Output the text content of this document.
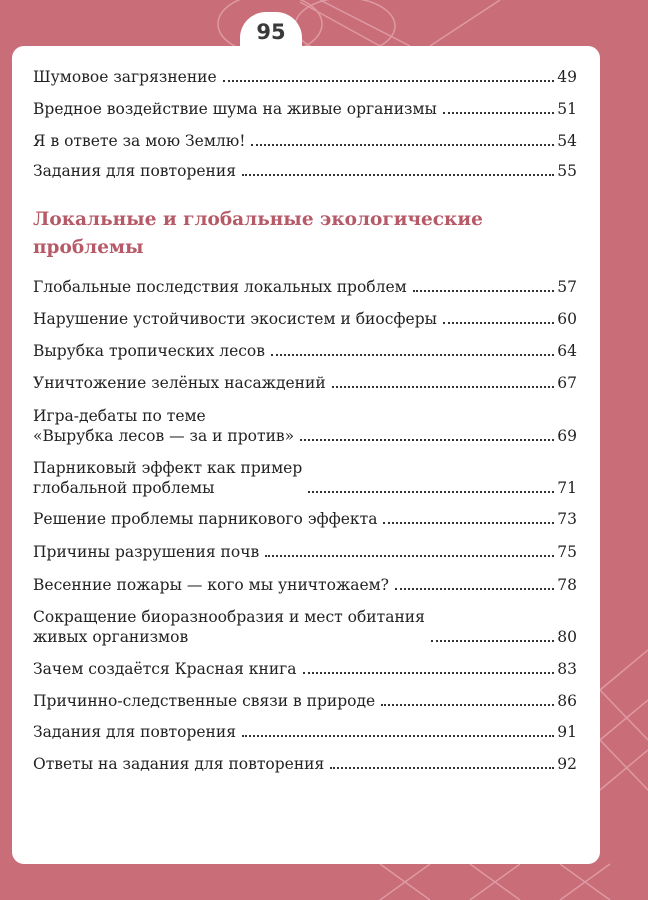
95
Шумовое загрязнение	49
Вредное воздействие шума на живые организмы	51
Я в ответе за мою Землю!	54
Задания для повторения	55
Локальные и глобальные экологические
проблемы
Глобальные последствия локальных проблем	57
Нарушение устойчивости экосистем и биосферы	60
Вырубка тропических лесов	64
Уничтожение зелёных насаждений	67
Игра-дебаты по теме
«Вырубка лесов — за и против»	69
Парниковый эффект как пример
глобальной проблемы	71
Решение проблемы парникового эффекта	73
Причины разрушения почв	75
Весенние пожары — кого мы уничтожаем?	78
Сокращение биоразнообразия и мест обитания
живых организмов	80
Зачем создаётся Красная книга	83
Причинно-следственные связи в природе	86
Задания для повторения	91
Ответы на задания для повторения	92
